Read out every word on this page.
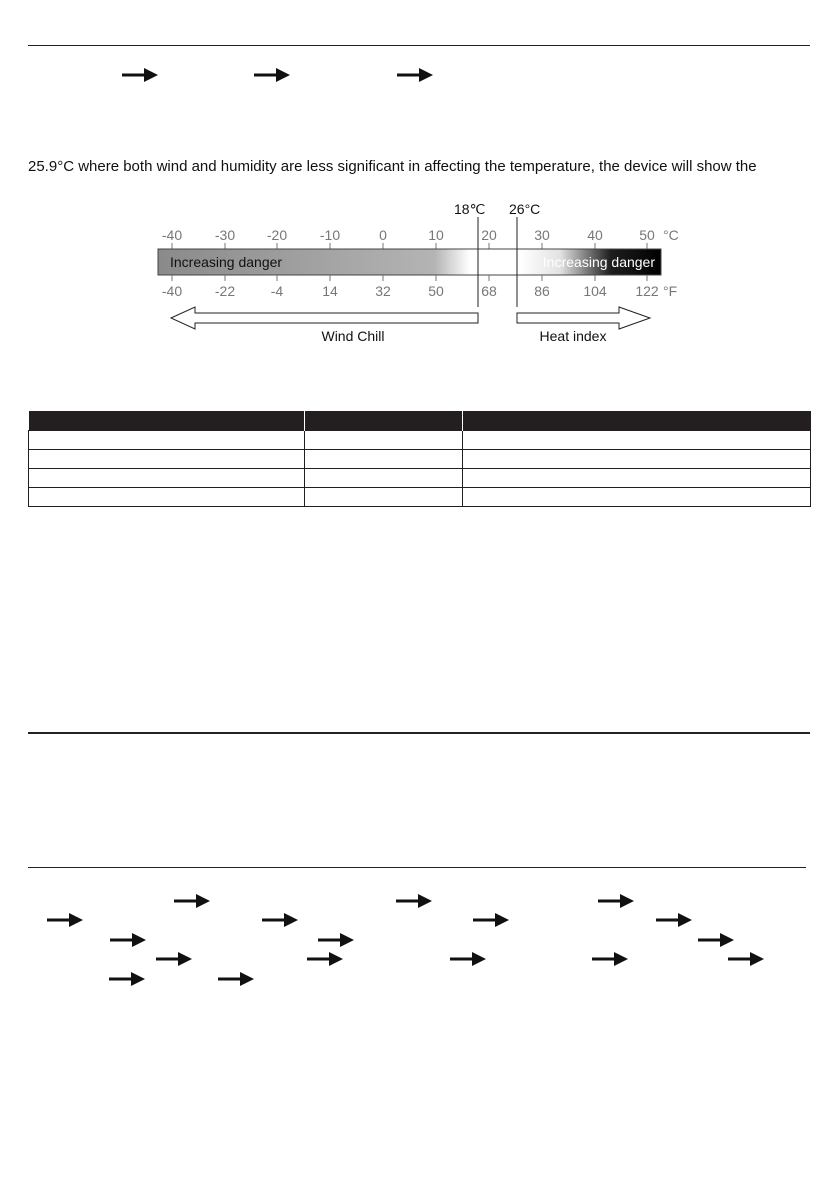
25.9°C where both wind and humidity are less significant in affecting the temperature, the device will show the
-40 -30 -20 -10	0	10	20	30	40	50 °C
Increasing danger	Increasing danger
18℃ 26°C
-40 -22	-4	14	32	50	68	86 104 122 °F
Wind Chill	Heat index
